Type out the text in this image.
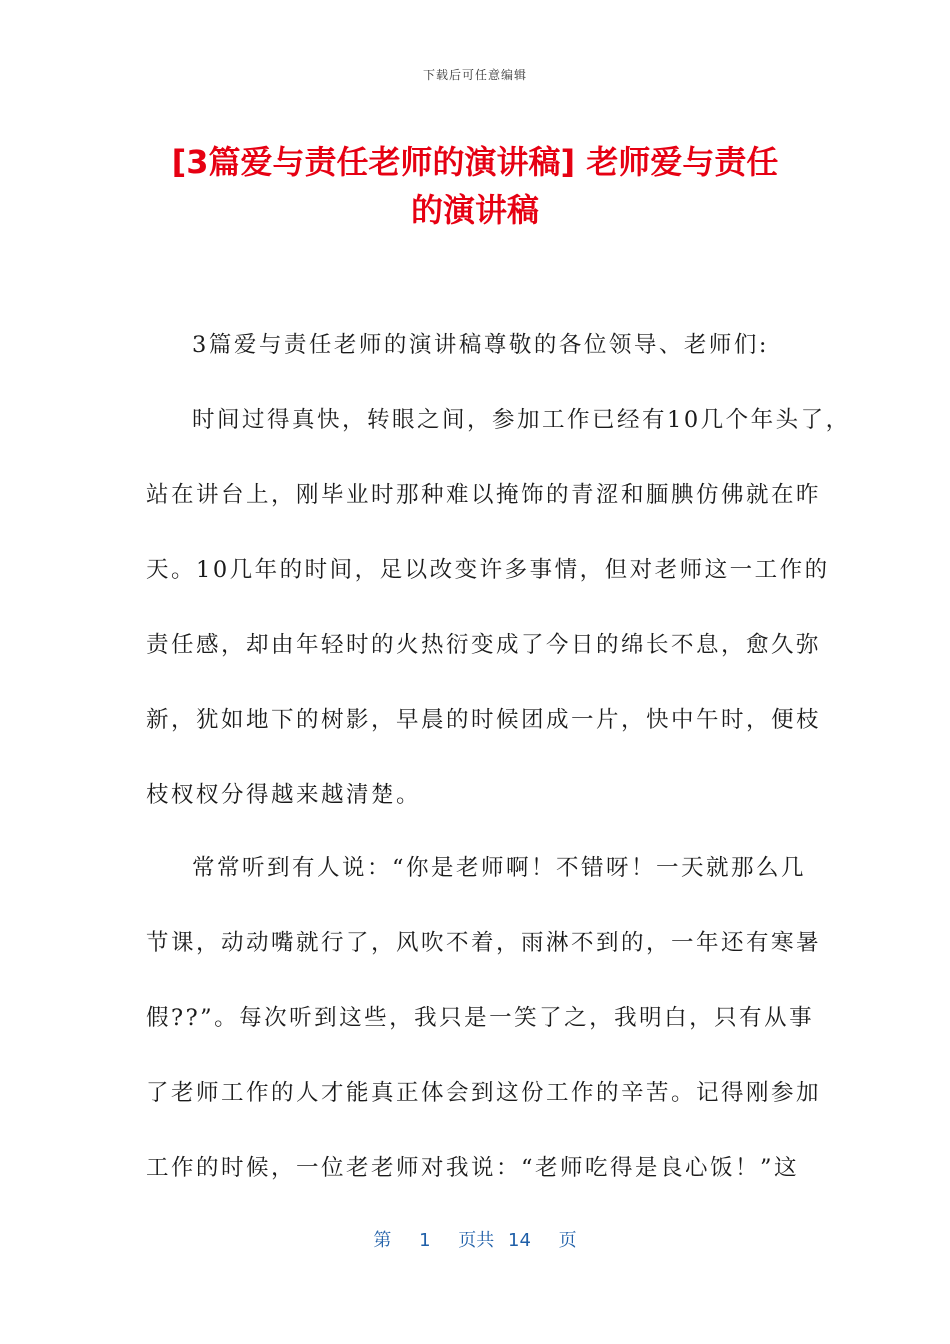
下载后可任意编辑
[3篇爱与责任老师的演讲稿] 老师爱与责任
的演讲稿
3篇爱与责任老师的演讲稿尊敬的各位领导、老师们:
时间过得真快，转眼之间，参加工作已经有10几个年头了，
站在讲台上，刚毕业时那种难以掩饰的青涩和腼腆仿佛就在昨
天。10几年的时间，足以改变许多事情，但对老师这一工作的
责任感，却由年轻时的火热衍变成了今日的绵长不息，愈久弥
新，犹如地下的树影，早晨的时候团成一片，快中午时，便枝
枝杈杈分得越来越清楚。
常常听到有人说：“你是老师啊！不错呀！一天就那么几
节课，动动嘴就行了，风吹不着，雨淋不到的，一年还有寒暑
假??”。每次听到这些，我只是一笑了之，我明白，只有从事
了老师工作的人才能真正体会到这份工作的辛苦。记得刚参加
工作的时候，一位老老师对我说：“老师吃得是良心饭！”这
第 1 页共 14 页
